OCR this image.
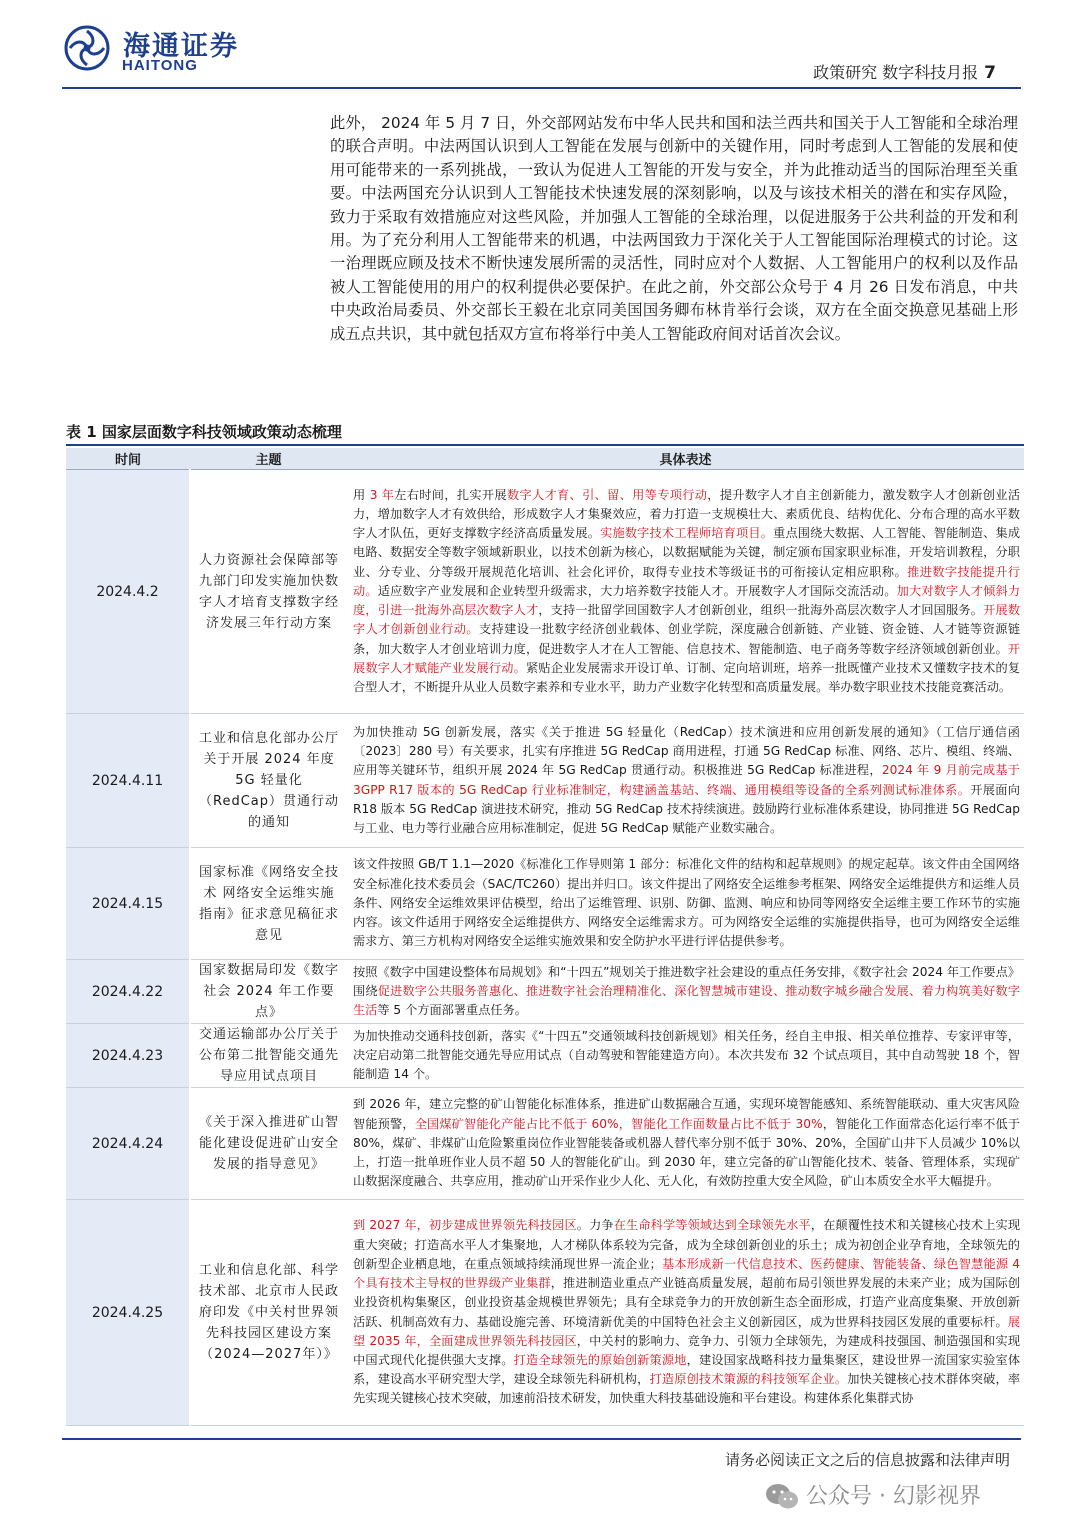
海通证券
HAITONG	政策研究 数字科技月报 7

此外， 2024 年 5 月 7 日，外交部网站发布中华人民共和国和法兰西共和国关于人工智能和全球治理的联合声明。中法两国认识到人工智能在发展与创新中的关键作用，同时考虑到人工智能的发展和使用可能带来的一系列挑战，一致认为促进人工智能的开发与安全，并为此推动适当的国际治理至关重要。中法两国充分认识到人工智能技术快速发展的深刻影响，以及与该技术相关的潜在和实存风险，致力于采取有效措施应对这些风险，并加强人工智能的全球治理，以促进服务于公共利益的开发和利用。为了充分利用人工智能带来的机遇，中法两国致力于深化关于人工智能国际治理模式的讨论。这一治理既应顾及技术不断快速发展所需的灵活性，同时应对个人数据、人工智能用户的权利以及作品被人工智能使用的用户的权利提供必要保护。在此之前，外交部公众号于 4 月 26 日发布消息，中共中央政治局委员、外交部长王毅在北京同美国国务卿布林肯举行会谈，双方在全面交换意见基础上形成五点共识，其中就包括双方宣布将举行中美人工智能政府间对话首次会议。

表 1 国家层面数字科技领域政策动态梳理
时间	主题	具体表述
2024.4.2	人力资源社会保障部等九部门印发实施加快数字人才培育支撑数字经济发展三年行动方案	用 3 年左右时间，扎实开展数字人才育、引、留、用等专项行动，提升数字人才自主创新能力，激发数字人才创新创业活力，增加数字人才有效供给，形成数字人才集聚效应，着力打造一支规模壮大、素质优良、结构优化、分布合理的高水平数字人才队伍，更好支撑数字经济高质量发展。实施数字技术工程师培育项目。重点围绕大数据、人工智能、智能制造、集成电路、数据安全等数字领域新职业，以技术创新为核心，以数据赋能为关键，制定颁布国家职业标准，开发培训教程，分职业、分专业、分等级开展规范化培训、社会化评价，取得专业技术等级证书的可衔接认定相应职称。推进数字技能提升行动。适应数字产业发展和企业转型升级需求，大力培养数字技能人才。开展数字人才国际交流活动。加大对数字人才倾斜力度，引进一批海外高层次数字人才，支持一批留学回国数字人才创新创业，组织一批海外高层次数字人才回国服务。开展数字人才创新创业行动。支持建设一批数字经济创业载体、创业学院，深度融合创新链、产业链、资金链、人才链等资源链条，加大数字人才创业培训力度，促进数字人才在人工智能、信息技术、智能制造、电子商务等数字经济领域创新创业。开展数字人才赋能产业发展行动。紧贴企业发展需求开设订单、订制、定向培训班，培养一批既懂产业技术又懂数字技术的复合型人才，不断提升从业人员数字素养和专业水平，助力产业数字化转型和高质量发展。举办数字职业技术技能竞赛活动。
2024.4.11	工业和信息化部办公厅关于开展 2024 年度 5G 轻量化（RedCap）贯通行动的通知	为加快推动 5G 创新发展，落实《关于推进 5G 轻量化（RedCap）技术演进和应用创新发展的通知》（工信厅通信函〔2023〕280 号）有关要求，扎实有序推进 5G RedCap 商用进程，打通 5G RedCap 标准、网络、芯片、模组、终端、应用等关键环节，组织开展 2024 年 5G RedCap 贯通行动。积极推进 5G RedCap 标准进程，2024 年 9 月前完成基于 3GPP R17 版本的 5G RedCap 行业标准制定，构建涵盖基站、终端、通用模组等设备的全系列测试标准体系。开展面向 R18 版本 5G RedCap 演进技术研究，推动 5G RedCap 技术持续演进。鼓励跨行业标准体系建设，协同推进 5G RedCap 与工业、电力等行业融合应用标准制定，促进 5G RedCap 赋能产业数实融合。
2024.4.15	国家标准《网络安全技术 网络安全运维实施指南》征求意见稿征求意见	该文件按照 GB/T 1.1—2020《标准化工作导则第 1 部分：标准化文件的结构和起草规则》的规定起草。该文件由全国网络安全标准化技术委员会（SAC/TC260）提出并归口。该文件提出了网络安全运维参考框架、网络安全运维提供方和运维人员条件、网络安全运维效果评估模型，给出了运维管理、识别、防御、监测、响应和协同等网络安全运维主要工作环节的实施内容。该文件适用于网络安全运维提供方、网络安全运维需求方。可为网络安全运维的实施提供指导，也可为网络安全运维需求方、第三方机构对网络安全运维实施效果和安全防护水平进行评估提供参考。
2024.4.22	国家数据局印发《数字社会 2024 年工作要点》	按照《数字中国建设整体布局规划》和“十四五”规划关于推进数字社会建设的重点任务安排，《数字社会 2024 年工作要点》围绕促进数字公共服务普惠化、推进数字社会治理精准化、深化智慧城市建设、推动数字城乡融合发展、着力构筑美好数字生活等 5 个方面部署重点任务。
2024.4.23	交通运输部办公厅关于公布第二批智能交通先导应用试点项目	为加快推动交通科技创新，落实《“十四五”交通领域科技创新规划》相关任务，经自主申报、相关单位推荐、专家评审等，决定启动第二批智能交通先导应用试点（自动驾驶和智能建造方向）。本次共发布 32 个试点项目，其中自动驾驶 18 个，智能制造 14 个。
2024.4.24	《关于深入推进矿山智能化建设促进矿山安全发展的指导意见》	到 2026 年，建立完整的矿山智能化标准体系，推进矿山数据融合互通，实现环境智能感知、系统智能联动、重大灾害风险智能预警，全国煤矿智能化产能占比不低于 60%，智能化工作面数量占比不低于 30%，智能化工作面常态化运行率不低于 80%，煤矿、非煤矿山危险繁重岗位作业智能装备或机器人替代率分别不低于 30%、20%，全国矿山井下人员减少 10%以上，打造一批单班作业人员不超 50 人的智能化矿山。到 2030 年，建立完备的矿山智能化技术、装备、管理体系，实现矿山数据深度融合、共享应用，推动矿山开采作业少人化、无人化，有效防控重大安全风险，矿山本质安全水平大幅提升。
2024.4.25	工业和信息化部、科学技术部、北京市人民政府印发《中关村世界领先科技园区建设方案（2024—2027年）》	到 2027 年，初步建成世界领先科技园区。力争在生命科学等领域达到全球领先水平，在颠覆性技术和关键核心技术上实现重大突破；打造高水平人才集聚地，人才梯队体系较为完备，成为全球创新创业的乐土；成为初创企业孕育地，全球领先的创新型企业栖息地，在重点领域持续涌现世界一流企业；基本形成新一代信息技术、医药健康、智能装备、绿色智慧能源 4 个具有技术主导权的世界级产业集群，推进制造业重点产业链高质量发展，超前布局引领世界发展的未来产业；成为国际创业投资机构集聚区，创业投资基金规模世界领先；具有全球竞争力的开放创新生态全面形成，打造产业高度集聚、开放创新活跃、机制高效有力、基础设施完善、环境清新优美的中国特色社会主义创新园区，成为世界科技园区发展的重要标杆。展望 2035 年，全面建成世界领先科技园区，中关村的影响力、竞争力、引领力全球领先，为建成科技强国、制造强国和实现中国式现代化提供强大支撑。打造全球领先的原始创新策源地，建设国家战略科技力量集聚区，建设世界一流国家实验室体系，建设高水平研究型大学，建设全球领先科研机构，打造原创技术策源的科技领军企业。加快关键核心技术群体突破，率先实现关键核心技术突破，加速前沿技术研发，加快重大科技基础设施和平台建设。构建体系化集群式协
请务必阅读正文之后的信息披露和法律声明
公众号 · 幻影视界
